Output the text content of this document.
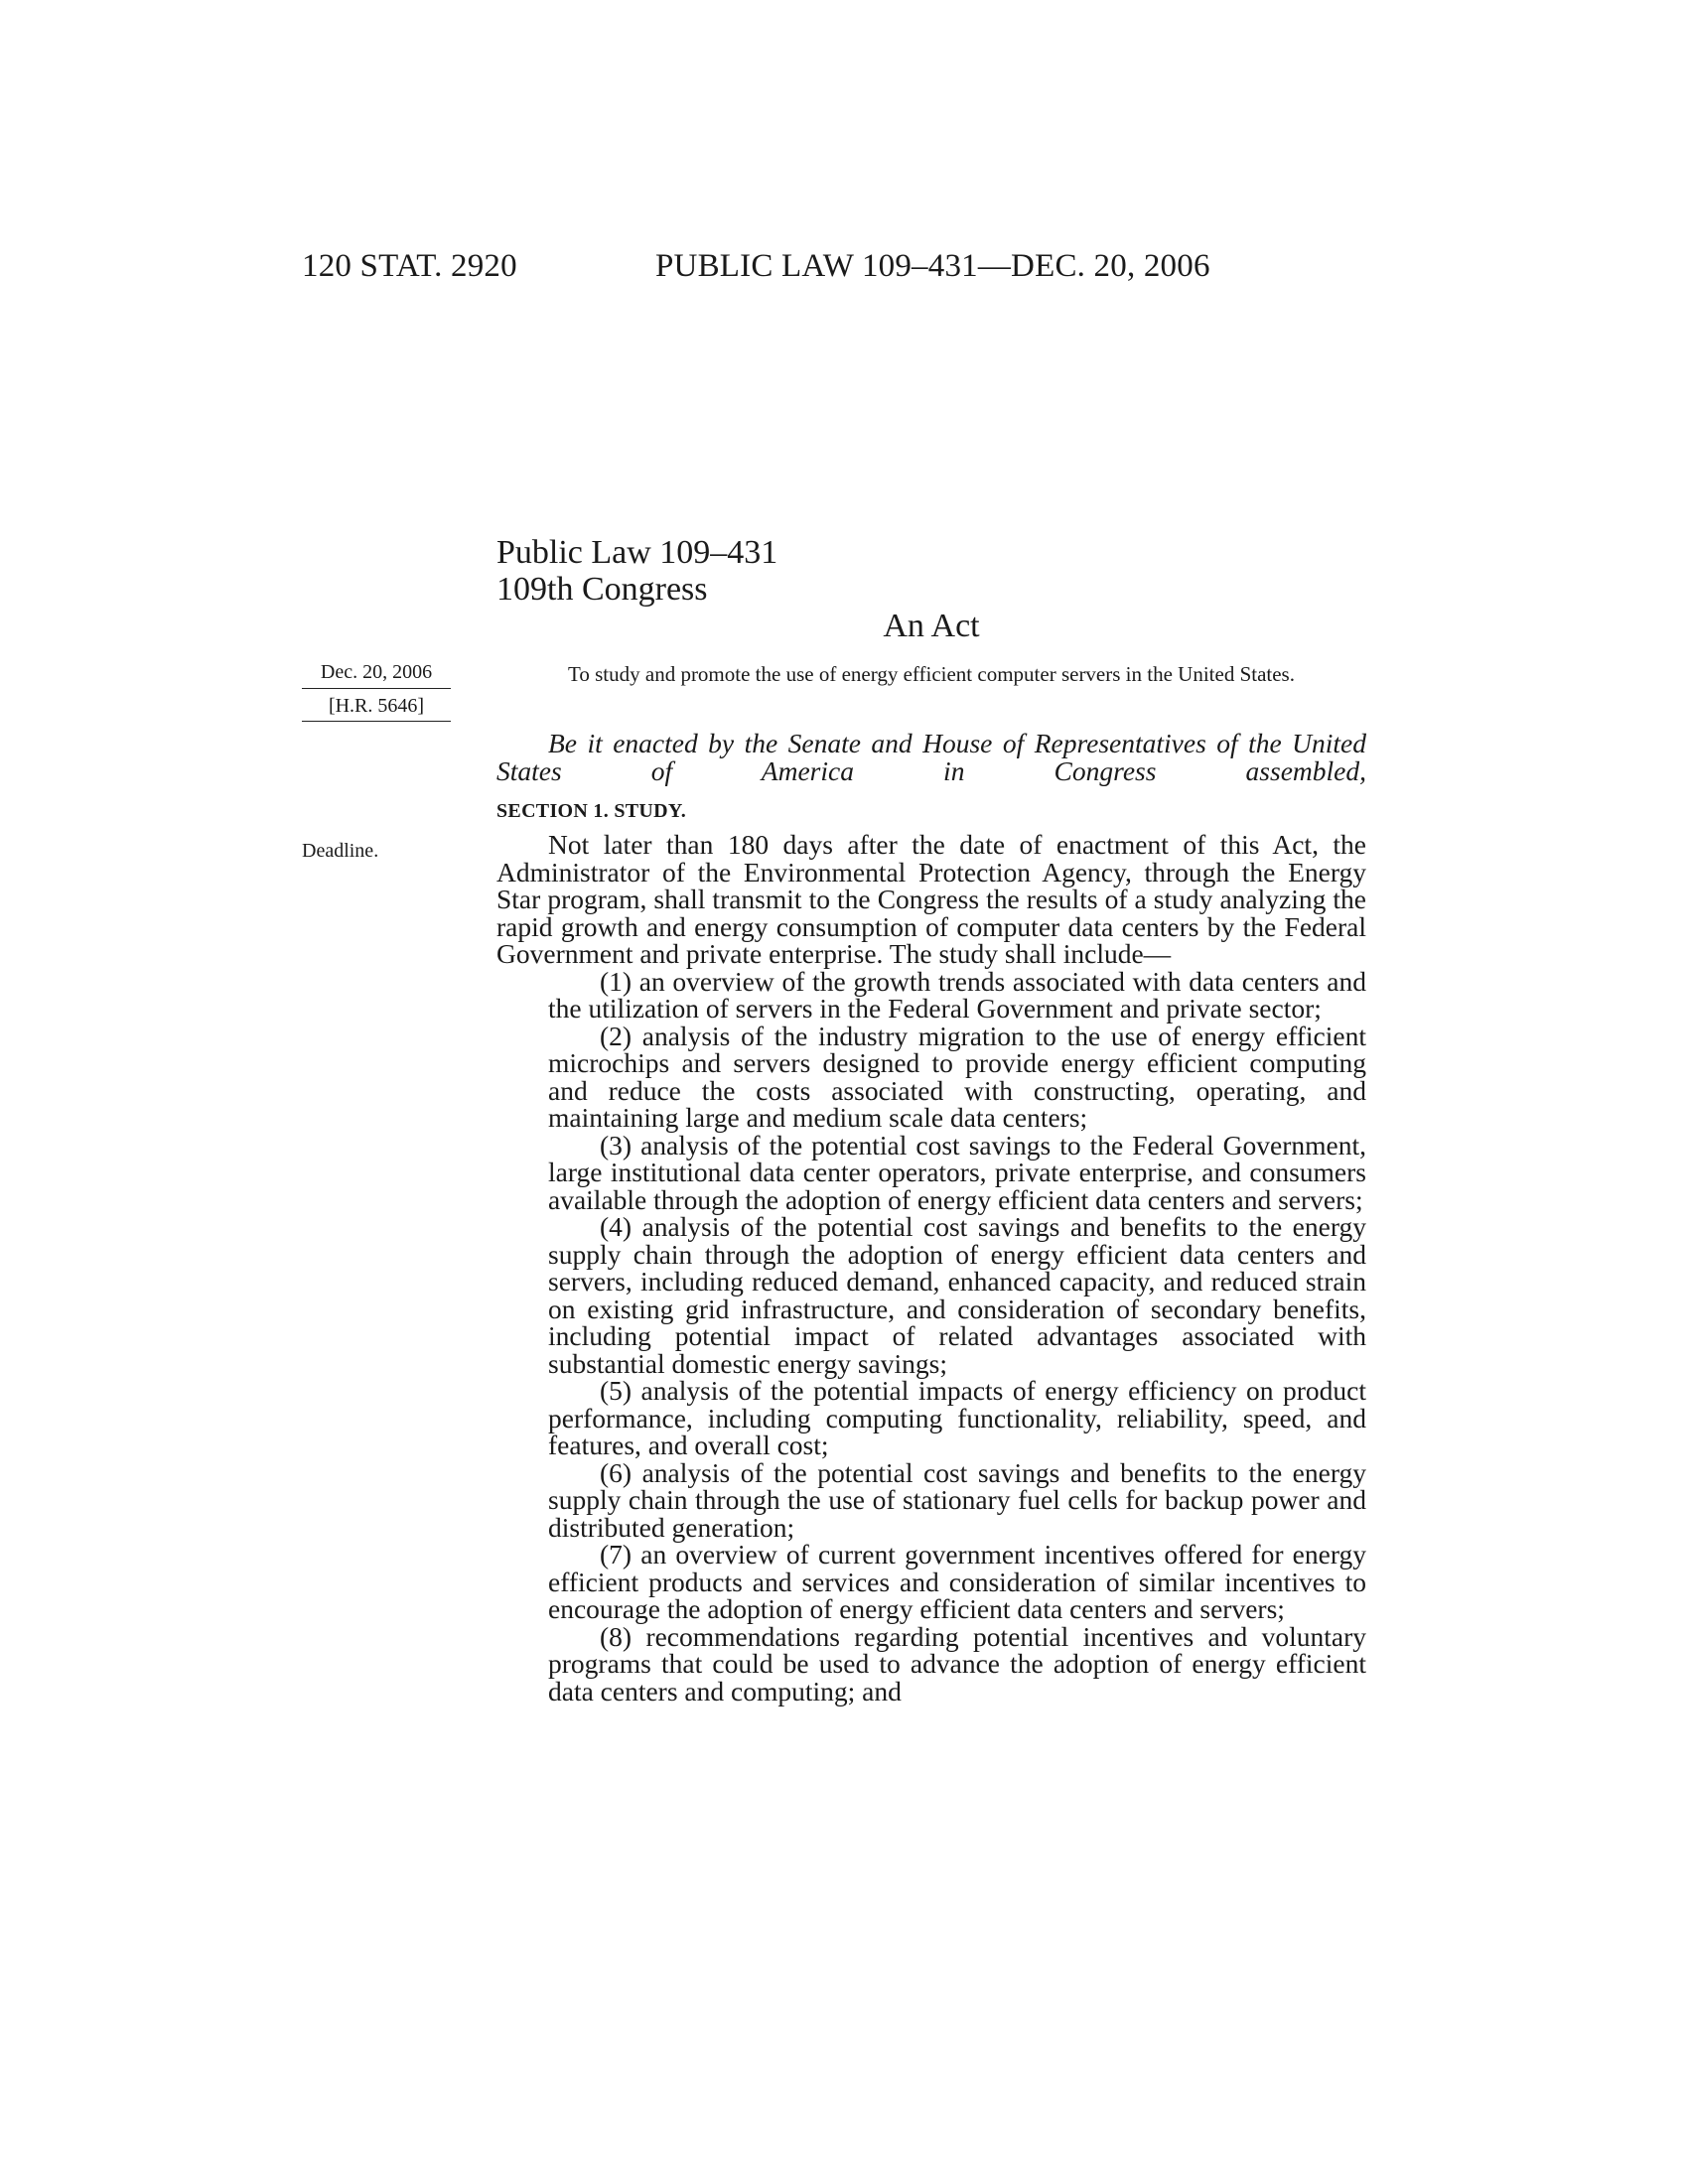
120 STAT. 2920	PUBLIC LAW 109–431—DEC. 20, 2006
Public Law 109–431
109th Congress
An Act
Dec. 20, 2006
[H.R. 5646]
To study and promote the use of energy efficient computer servers in the United States.
Be it enacted by the Senate and House of Representatives of the United States of America in Congress assembled,
SECTION 1. STUDY.
Deadline.	Not later than 180 days after the date of enactment of this Act, the Administrator of the Environmental Protection Agency, through the Energy Star program, shall transmit to the Congress the results of a study analyzing the rapid growth and energy consumption of computer data centers by the Federal Government and private enterprise. The study shall include—

(1) an overview of the growth trends associated with data centers and the utilization of servers in the Federal Government and private sector;

(2) analysis of the industry migration to the use of energy efficient microchips and servers designed to provide energy efficient computing and reduce the costs associated with constructing, operating, and maintaining large and medium scale data centers;

(3) analysis of the potential cost savings to the Federal Government, large institutional data center operators, private enterprise, and consumers available through the adoption of energy efficient data centers and servers;

(4) analysis of the potential cost savings and benefits to the energy supply chain through the adoption of energy efficient data centers and servers, including reduced demand, enhanced capacity, and reduced strain on existing grid infrastructure, and consideration of secondary benefits, including potential impact of related advantages associated with substantial domestic energy savings;

(5) analysis of the potential impacts of energy efficiency on product performance, including computing functionality, reliability, speed, and features, and overall cost;

(6) analysis of the potential cost savings and benefits to the energy supply chain through the use of stationary fuel cells for backup power and distributed generation;

(7) an overview of current government incentives offered for energy efficient products and services and consideration of similar incentives to encourage the adoption of energy efficient data centers and servers;

(8) recommendations regarding potential incentives and voluntary programs that could be used to advance the adoption of energy efficient data centers and computing; and
